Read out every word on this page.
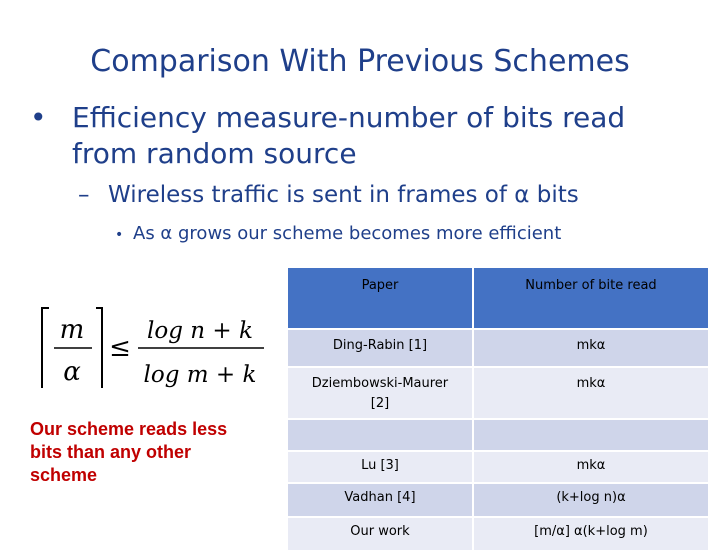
Comparison With Previous Schemes
• Efficiency measure-number of bits read
from random source
– Wireless traffic is sent in frames of α bits
• As α grows our scheme becomes more efficient
m
α
≤
log n + k
log m + k
Our scheme reads less bits than any other scheme
Paper	Number of bite read
Ding-Rabin [1]	mkα
Dziembowski-Maurer
[2]	mkα

Lu [3]	mkα
Vadhan [4]	(k+log n)α
Our work	[m/α] α(k+log m)
